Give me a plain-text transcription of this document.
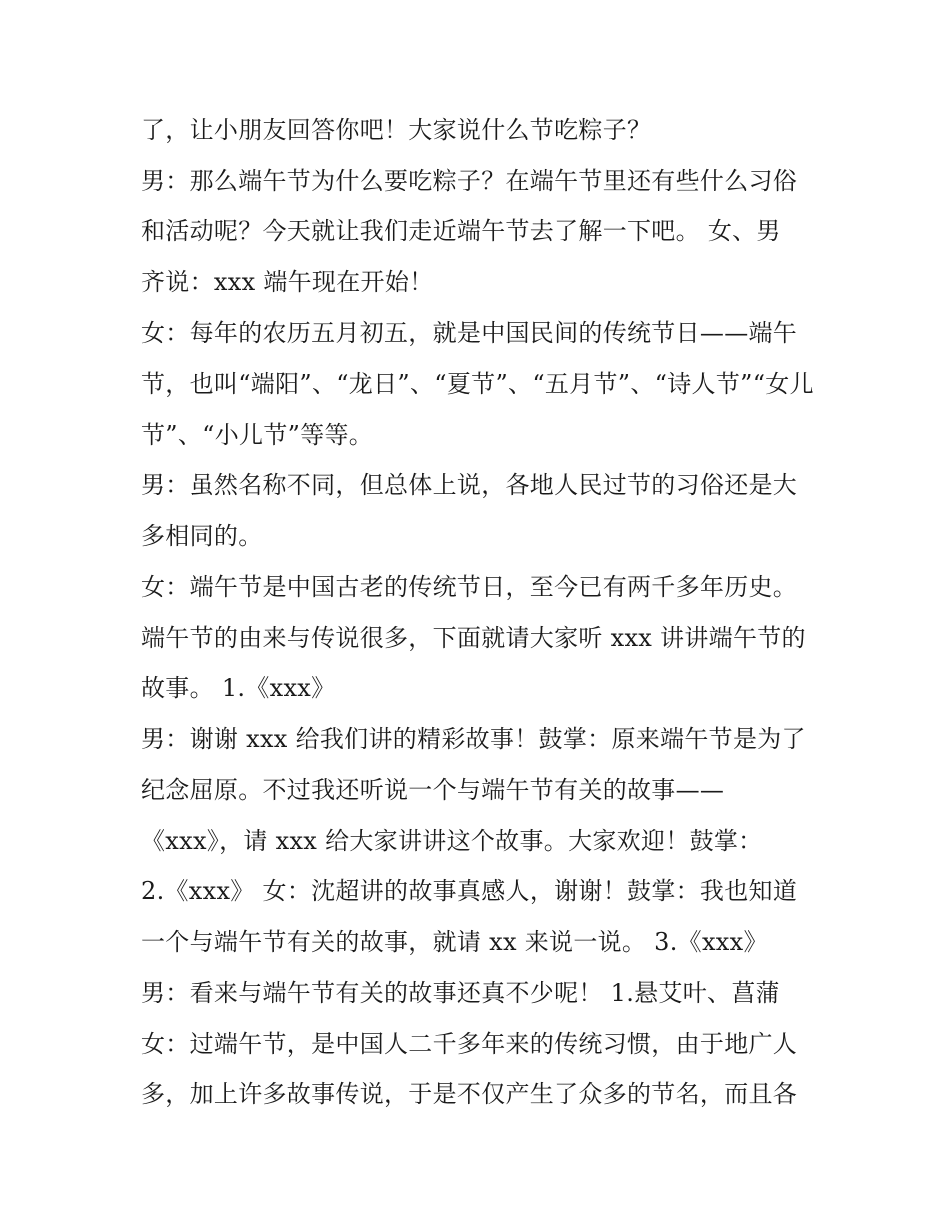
了，让小朋友回答你吧！大家说什么节吃粽子？
男：那么端午节为什么要吃粽子？在端午节里还有些什么习俗
和活动呢？今天就让我们走近端午节去了解一下吧。 女、男
齐说：xxx 端午现在开始！
女：每年的农历五月初五，就是中国民间的传统节日——端午
节，也叫“端阳”、“龙日”、“夏节”、“五月节”、“诗人节”“女儿
节”、“小儿节”等等。
男：虽然名称不同，但总体上说，各地人民过节的习俗还是大
多相同的。
女：端午节是中国古老的传统节日，至今已有两千多年历史。
端午节的由来与传说很多，下面就请大家听 xxx 讲讲端午节的
故事。 1.《xxx》
男：谢谢 xxx 给我们讲的精彩故事！鼓掌：原来端午节是为了
纪念屈原。不过我还听说一个与端午节有关的故事——
《xxx》，请 xxx 给大家讲讲这个故事。大家欢迎！鼓掌：
2.《xxx》 女：沈超讲的故事真感人，谢谢！鼓掌：我也知道
一个与端午节有关的故事，就请 xx 来说一说。 3.《xxx》
男：看来与端午节有关的故事还真不少呢！ 1.悬艾叶、菖蒲
女：过端午节，是中国人二千多年来的传统习惯，由于地广人
多，加上许多故事传说，于是不仅产生了众多的节名，而且各
